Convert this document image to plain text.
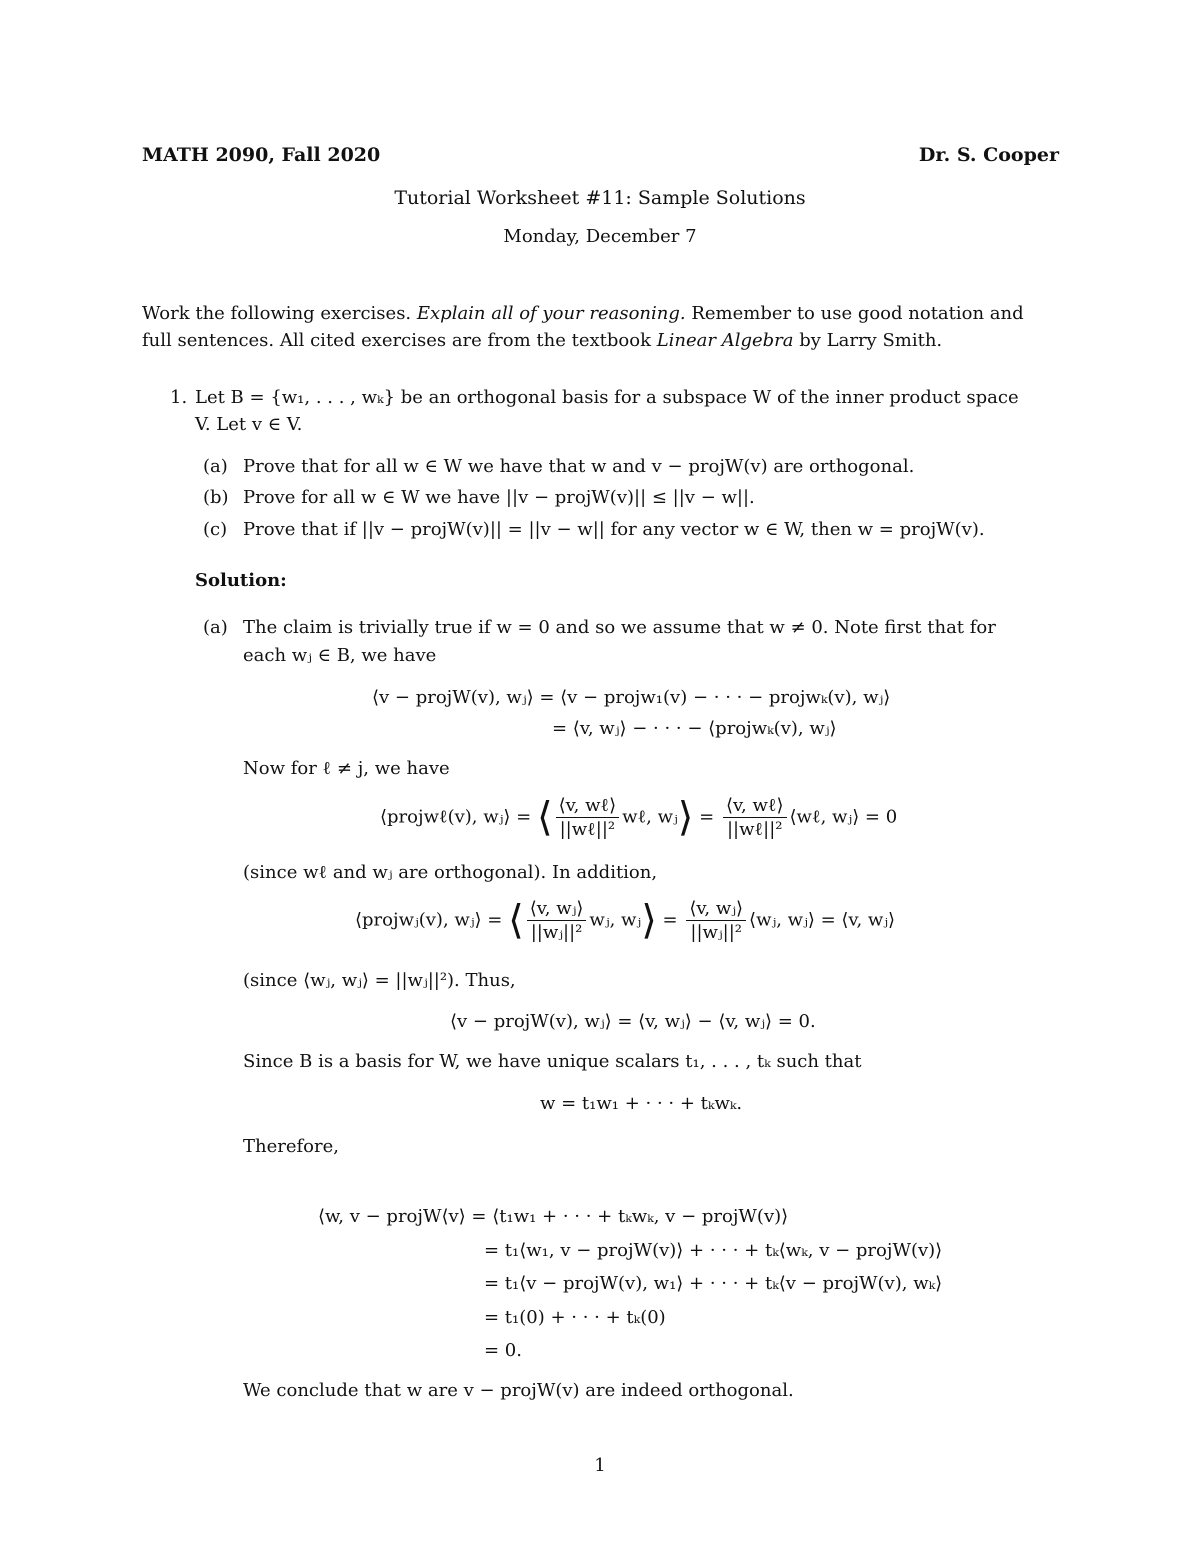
MATH 2090, Fall 2020	Dr. S. Cooper
Tutorial Worksheet #11: Sample Solutions
Monday, December 7
Work the following exercises. Explain all of your reasoning. Remember to use good notation and
full sentences. All cited exercises are from the textbook Linear Algebra by Larry Smith.
1. Let B = {w₁, . . . , wₖ} be an orthogonal basis for a subspace W of the inner product space
V. Let v ∈ V.
(a) Prove that for all w ∈ W we have that w and v − projW(v) are orthogonal.
(b) Prove for all w ∈ W we have ||v − projW(v)|| ≤ ||v − w||.
(c) Prove that if ||v − projW(v)|| = ||v − w|| for any vector w ∈ W, then w = projW(v).
Solution:
(a) The claim is trivially true if w = 0 and so we assume that w ≠ 0. Note first that for
each wⱼ ∈ B, we have
⟨v − projW(v), wⱼ⟩ = ⟨v − projw₁(v) − · · · − projwₖ(v), wⱼ⟩
= ⟨v, wⱼ⟩ − · · · − ⟨projwₖ(v), wⱼ⟩
Now for ℓ ≠ j, we have
⟨projwℓ(v), wⱼ⟩ = ⟨ $\frac{\text{⟨v, wℓ⟩}}{\text{||wℓ||²}}$ wℓ, wⱼ⟩ = $\frac{\text{⟨v, wℓ⟩}}{\text{||wℓ||²}}$ ⟨wℓ, wⱼ⟩ = 0
(since wℓ and wⱼ are orthogonal). In addition,
⟨projwⱼ(v), wⱼ⟩ = ⟨ $\frac{\text{⟨v, wⱼ⟩}}{\text{||wⱼ||²}}$ wⱼ, wⱼ⟩ = $\frac{\text{⟨v, wⱼ⟩}}{\text{||wⱼ||²}}$ ⟨wⱼ, wⱼ⟩ = ⟨v, wⱼ⟩
(since ⟨wⱼ, wⱼ⟩ = ||wⱼ||²). Thus,
⟨v − projW(v), wⱼ⟩ = ⟨v, wⱼ⟩ − ⟨v, wⱼ⟩ = 0.
Since B is a basis for W, we have unique scalars t₁, . . . , tₖ such that
w = t₁w₁ + · · · + tₖwₖ.
Therefore,
⟨w, v − projW⟨v⟩ = ⟨t₁w₁ + · · · + tₖwₖ, v − projW(v)⟩
= t₁⟨w₁, v − projW(v)⟩ + · · · + tₖ⟨wₖ, v − projW(v)⟩
= t₁⟨v − projW(v), w₁⟩ + · · · + tₖ⟨v − projW(v), wₖ⟩
= t₁(0) + · · · + tₖ(0)
= 0.
We conclude that w are v − projW(v) are indeed orthogonal.
1
